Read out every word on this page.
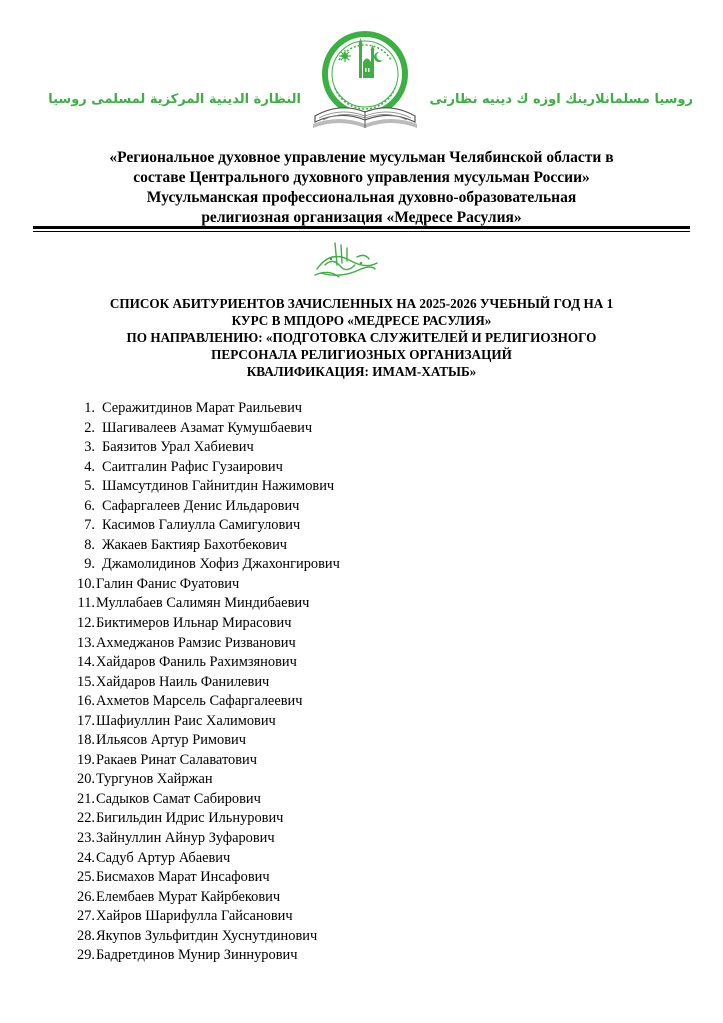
النظارة الدينية المركزية لمسلمی روسيا	روسيا مسلمانلارينك اوزه ك دينيه نظارتی
«Региональное духовное управление мусульман Челябинской области в
составе Центрального духовного управления мусульман России»
Мусульманская профессиональная духовно-образовательная
религиозная организация «Медресе Расулия»
СПИСОК АБИТУРИЕНТОВ ЗАЧИСЛЕННЫХ НА 2025-2026 УЧЕБНЫЙ ГОД НА 1
КУРС В МПДОРО «МЕДРЕСЕ РАСУЛИЯ»
ПО НАПРАВЛЕНИЮ: «ПОДГОТОВКА СЛУЖИТЕЛЕЙ И РЕЛИГИОЗНОГО
ПЕРСОНАЛА РЕЛИГИОЗНЫХ ОРГАНИЗАЦИЙ
КВАЛИФИКАЦИЯ: ИМАМ-ХАТЫБ»
1. Серажитдинов Марат Раильевич
2. Шагивалеев Азамат Кумушбаевич
3. Баязитов Урал Хабиевич
4. Саитгалин Рафис Гузаирович
5. Шамсутдинов Гайнитдин Нажимович
6. Сафаргалеев Денис Ильдарович
7. Касимов Галиулла Самигулович
8. Жакаев Бактияр Бахотбекович
9. Джамолидинов Хофиз Джахонгирович
10.Галин Фанис Фуатович
11.Муллабаев Салимян Миндибаевич
12.Биктимеров Ильнар Мирасович
13.Ахмеджанов Рамзис Ризванович
14.Хайдаров Фаниль Рахимзянович
15.Хайдаров Наиль Фанилевич
16.Ахметов Марсель Сафаргалеевич
17.Шафиуллин Раис Халимович
18.Ильясов Артур Римович
19.Ракаев Ринат Салаватович
20.Тургунов Хайржан
21.Садыков Самат Сабирович
22.Бигильдин Идрис Ильнурович
23.Зайнуллин Айнур Зуфарович
24.Садуб Артур Абаевич
25.Бисмахов Марат Инсафович
26.Елембаев Мурат Кайрбекович
27.Хайров Шарифулла Гайсанович
28.Якупов Зульфитдин Хуснутдинович
29.Бадретдинов Мунир Зиннурович
